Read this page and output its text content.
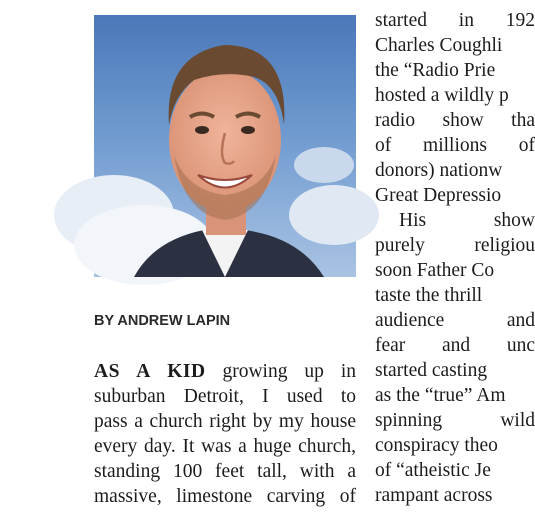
BY ANDREW LAPIN
AS A KID growing up in
suburban Detroit, I used to
pass a church right by my house
every day. It was a huge church,
standing 100 feet tall, with a
massive, limestone carving of
started in 192
Charles Coughli
the “Radio Prie
hosted a wildly p
radio show tha
of millions of
donors) nationw
Great Depressio
His show
purely religiou
soon Father Co
taste the thrill
audience and
fear and unc
started casting
as the “true” Am
spinning wild
conspiracy theo
of “atheistic Je
rampant across
